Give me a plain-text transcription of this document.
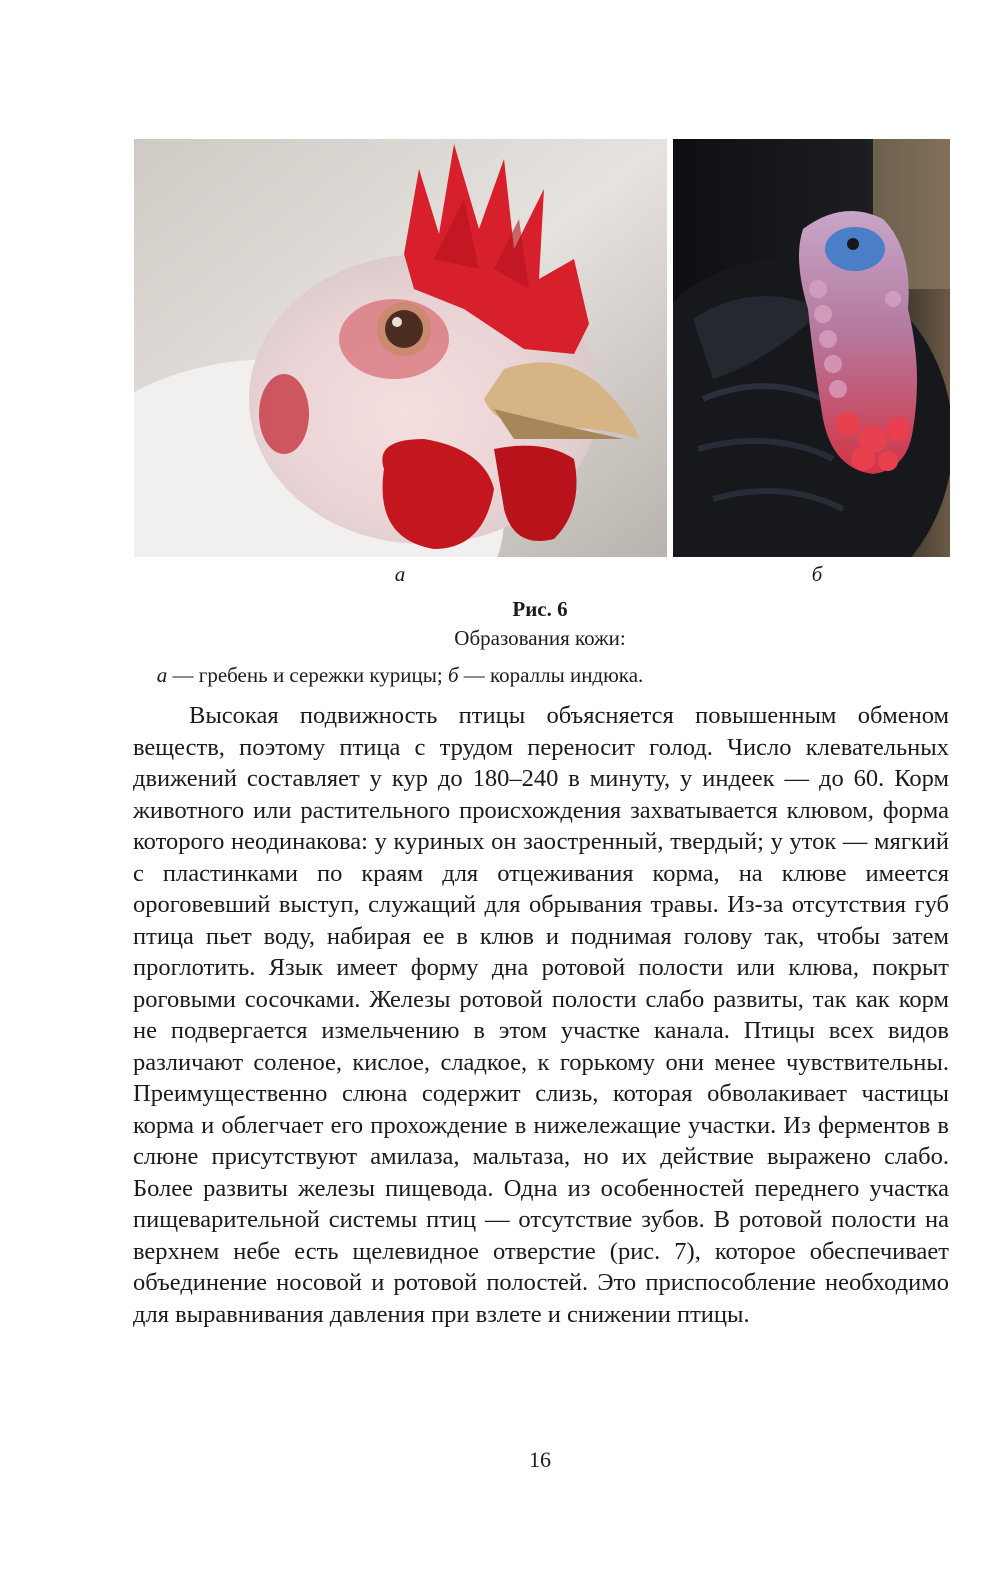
а	б
Рис. 6
Образования кожи:
а — гребень и сережки курицы; б — кораллы индюка.

Высокая подвижность птицы объясняется повышенным обменом веществ, поэтому птица с трудом переносит голод. Число клевательных движений составляет у кур до 180–240 в минуту, у индеек — до 60. Корм животного или растительного происхождения захватывается клювом, форма которого неодинакова: у куриных он заостренный, твердый; у уток — мягкий с пластинками по краям для отцеживания корма, на клюве имеется ороговевший выступ, служащий для обрывания травы. Из-за отсутствия губ птица пьет воду, набирая ее в клюв и поднимая голову так, чтобы затем проглотить. Язык имеет форму дна ротовой полости или клюва, покрыт роговыми сосочками. Железы ротовой полости слабо развиты, так как корм не подвергается измельчению в этом участке канала. Птицы всех видов различают соленое, кислое, сладкое, к горькому они менее чувствительны. Преимущественно слюна содержит слизь, которая обволакивает частицы корма и облегчает его прохождение в нижележащие участки. Из ферментов в слюне присутствуют амилаза, мальтаза, но их действие выражено слабо. Более развиты железы пищевода. Одна из особенностей переднего участка пищеварительной системы птиц — отсутствие зубов. В ротовой полости на верхнем небе есть щелевидное отверстие (рис. 7), которое обеспечивает объединение носовой и ротовой полостей. Это приспособление необходимо для выравнивания давления при взлете и снижении птицы.

16
